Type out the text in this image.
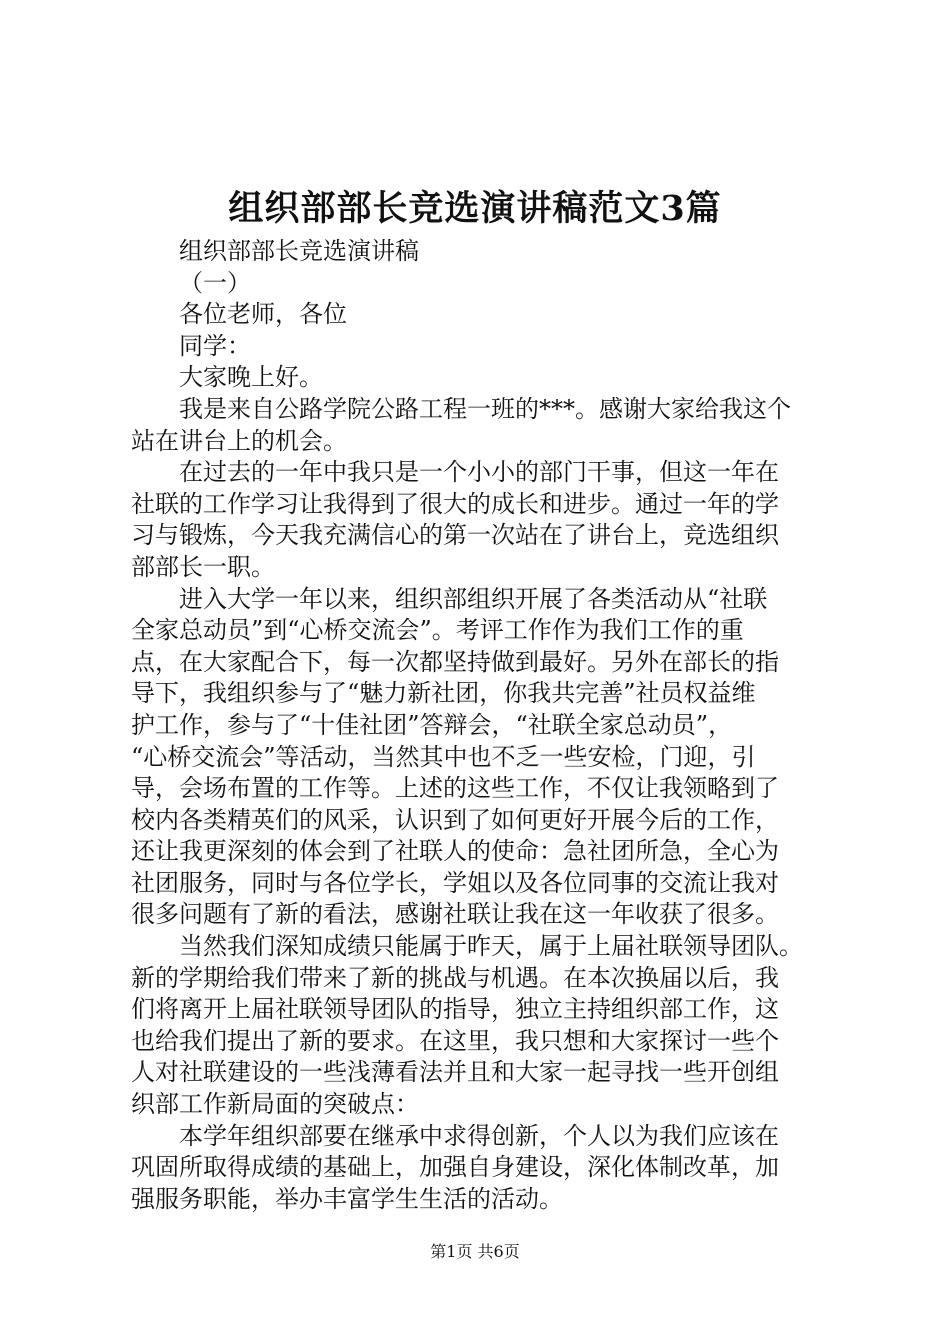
组织部部长竞选演讲稿范文3篇

组织部部长竞选演讲稿

（一）

各位老师，各位

同学：

大家晚上好。

我是来自公路学院公路工程一班的***。感谢大家给我这个

站在讲台上的机会。

在过去的一年中我只是一个小小的部门干事，但这一年在

社联的工作学习让我得到了很大的成长和进步。通过一年的学

习与锻炼，今天我充满信心的第一次站在了讲台上，竞选组织

部部长一职。

进入大学一年以来，组织部组织开展了各类活动从“社联

全家总动员”到“心桥交流会”。考评工作作为我们工作的重

点，在大家配合下，每一次都坚持做到最好。另外在部长的指

导下，我组织参与了“魅力新社团，你我共完善”社员权益维

护工作，参与了“十佳社团”答辩会，“社联全家总动员”，

“心桥交流会”等活动，当然其中也不乏一些安检，门迎，引

导，会场布置的工作等。上述的这些工作，不仅让我领略到了

校内各类精英们的风采，认识到了如何更好开展今后的工作，

还让我更深刻的体会到了社联人的使命：急社团所急，全心为

社团服务，同时与各位学长，学姐以及各位同事的交流让我对

很多问题有了新的看法，感谢社联让我在这一年收获了很多。

当然我们深知成绩只能属于昨天，属于上届社联领导团队。

新的学期给我们带来了新的挑战与机遇。在本次换届以后，我

们将离开上届社联领导团队的指导，独立主持组织部工作，这

也给我们提出了新的要求。在这里，我只想和大家探讨一些个

人对社联建设的一些浅薄看法并且和大家一起寻找一些开创组

织部工作新局面的突破点：

本学年组织部要在继承中求得创新，个人以为我们应该在

巩固所取得成绩的基础上，加强自身建设，深化体制改革，加

强服务职能，举办丰富学生生活的活动。

第1页 共6页
